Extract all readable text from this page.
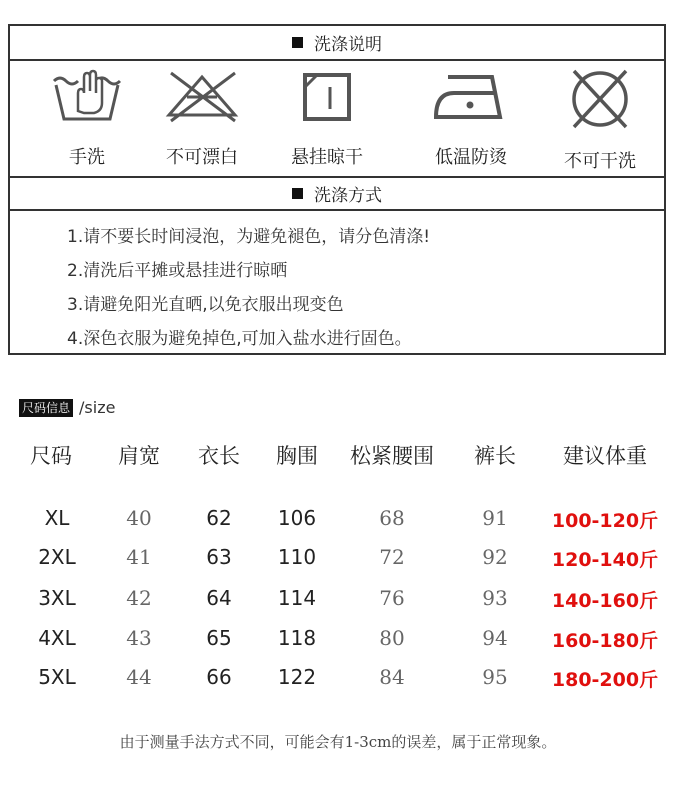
洗涤说明
手洗	不可漂白	悬挂晾干	低温防烫	不可干洗
洗涤方式
1.请不要长时间浸泡，为避免褪色，请分色清涤!
2.清洗后平摊或悬挂进行晾晒
3.请避免阳光直晒,以免衣服出现变色
4.深色衣服为避免掉色,可加入盐水进行固色。
尺码信息 /size
尺码 肩宽 衣长 胸围 松紧腰围 裤长 建议体重
XL	40	62 106	68	91 100-120斤
2XL	41	63 110	72	92 120-140斤
3XL	42	64 114	76	93 140-160斤
4XL	43	65 118	80	94 160-180斤
5XL	44	66 122	84	95 180-200斤
由于测量手法方式不同，可能会有1-3cm的误差，属于正常现象。
